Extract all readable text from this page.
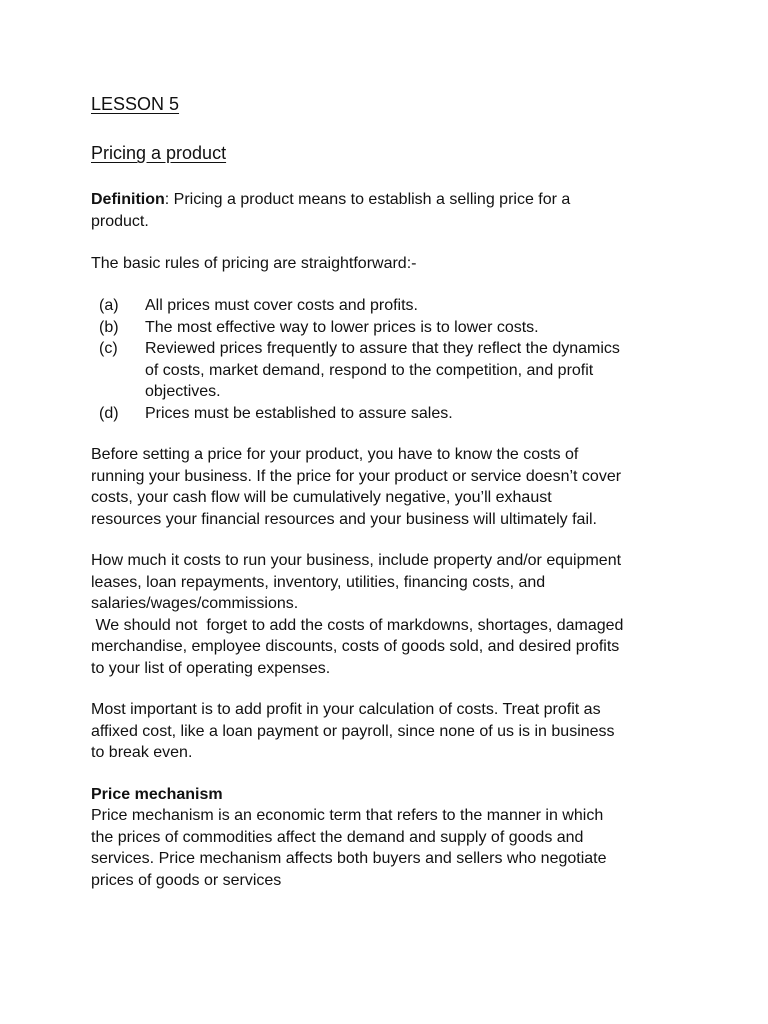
LESSON 5
Pricing a product

Definition: Pricing a product means to establish a selling price for a
product.

The basic rules of pricing are straightforward:-

(a) All prices must cover costs and profits.
(b) The most effective way to lower prices is to lower costs.
(c) Reviewed prices frequently to assure that they reflect the dynamics
of costs, market demand, respond to the competition, and profit
objectives.
(d) Prices must be established to assure sales.

Before setting a price for your product, you have to know the costs of
running your business. If the price for your product or service doesn’t cover
costs, your cash flow will be cumulatively negative, you’ll exhaust
resources your financial resources and your business will ultimately fail.

How much it costs to run your business, include property and/or equipment
leases, loan repayments, inventory, utilities, financing costs, and
salaries/wages/commissions.
We should not  forget to add the costs of markdowns, shortages, damaged
merchandise, employee discounts, costs of goods sold, and desired profits
to your list of operating expenses.

Most important is to add profit in your calculation of costs. Treat profit as
affixed cost, like a loan payment or payroll, since none of us is in business
to break even.

Price mechanism

Price mechanism is an economic term that refers to the manner in which
the prices of commodities affect the demand and supply of goods and
services. Price mechanism affects both buyers and sellers who negotiate
prices of goods or services
